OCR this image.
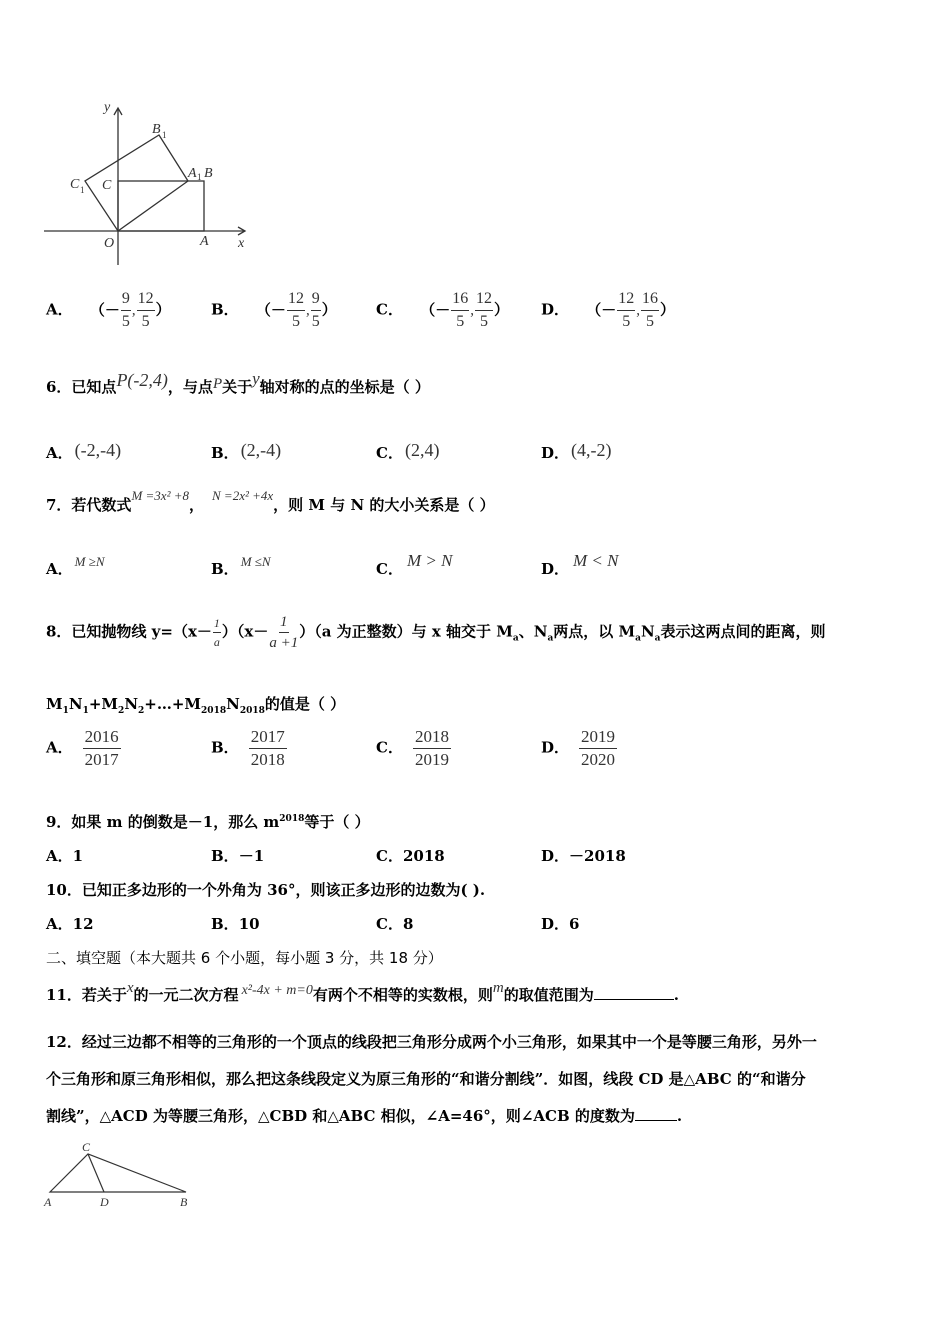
y
x
O	A
B
C
B 1
A 1
C 1
A． （－ $\frac{9}{5}$ , $\frac{12}{5}$ ）	B． （－ $\frac{12}{5}$ , $\frac{9}{5}$ ）	C． （－ $\frac{16}{5}$ , $\frac{12}{5}$ ） D． （－ $\frac{12}{5}$ , $\frac{16}{5}$ ）
6．已知点P(-2,4)，与点P关于y轴对称的点的坐标是（ ）
A． (-2,-4)	B． (2,-4)	C． (2,4)	D． (4,-2)
7．若代数式M =3x² +8，N =2x² +4x，则 M 与 N 的大小关系是（ ）
A． M ≥N	B． M ≤N	C． M > N	D． M < N
8．已知抛物线 $y=(x- \frac{1}{a} )(x- \frac{1}{a +1} )(a$ 为正整数）与 x 轴交于 $M_a$、$N_a$两点，以 $M_aN_a$表示这两点间的距离，则
$M_1N_1+M_2N_2+\dots+M_{2018}N_{2018}$的值是（ ）
A． $\frac{2016}{2017}$	B． $\frac{2017}{2018}$	C． $\frac{2018}{2019}$	D． $\frac{2019}{2020}$
9．如果 m 的倒数是－1，那么 $m^{2018}$等于（ ）
A．1	B．－1	C．2018	D．－2018
10．已知正多边形的一个外角为 36°，则该正多边形的边数为( ).
A．12	B．10	C．8	D．6
二、填空题（本大题共 6 个小题，每小题 3 分，共 18 分）
11．若关于x的一元二次方程 x²-4x + m=0有两个不相等的实数根，则m的取值范围为	.
12．经过三边都不相等的三角形的一个顶点的线段把三角形分成两个小三角形，如果其中一个是等腰三角形，另外一
个三角形和原三角形相似，那么把这条线段定义为原三角形的“和谐分割线”．如图，线段 CD 是△ABC 的“和谐分
割线”，△ACD 为等腰三角形，△CBD 和△ABC 相似，∠A=46°，则∠ACB 的度数为	.
C
A	D	B
